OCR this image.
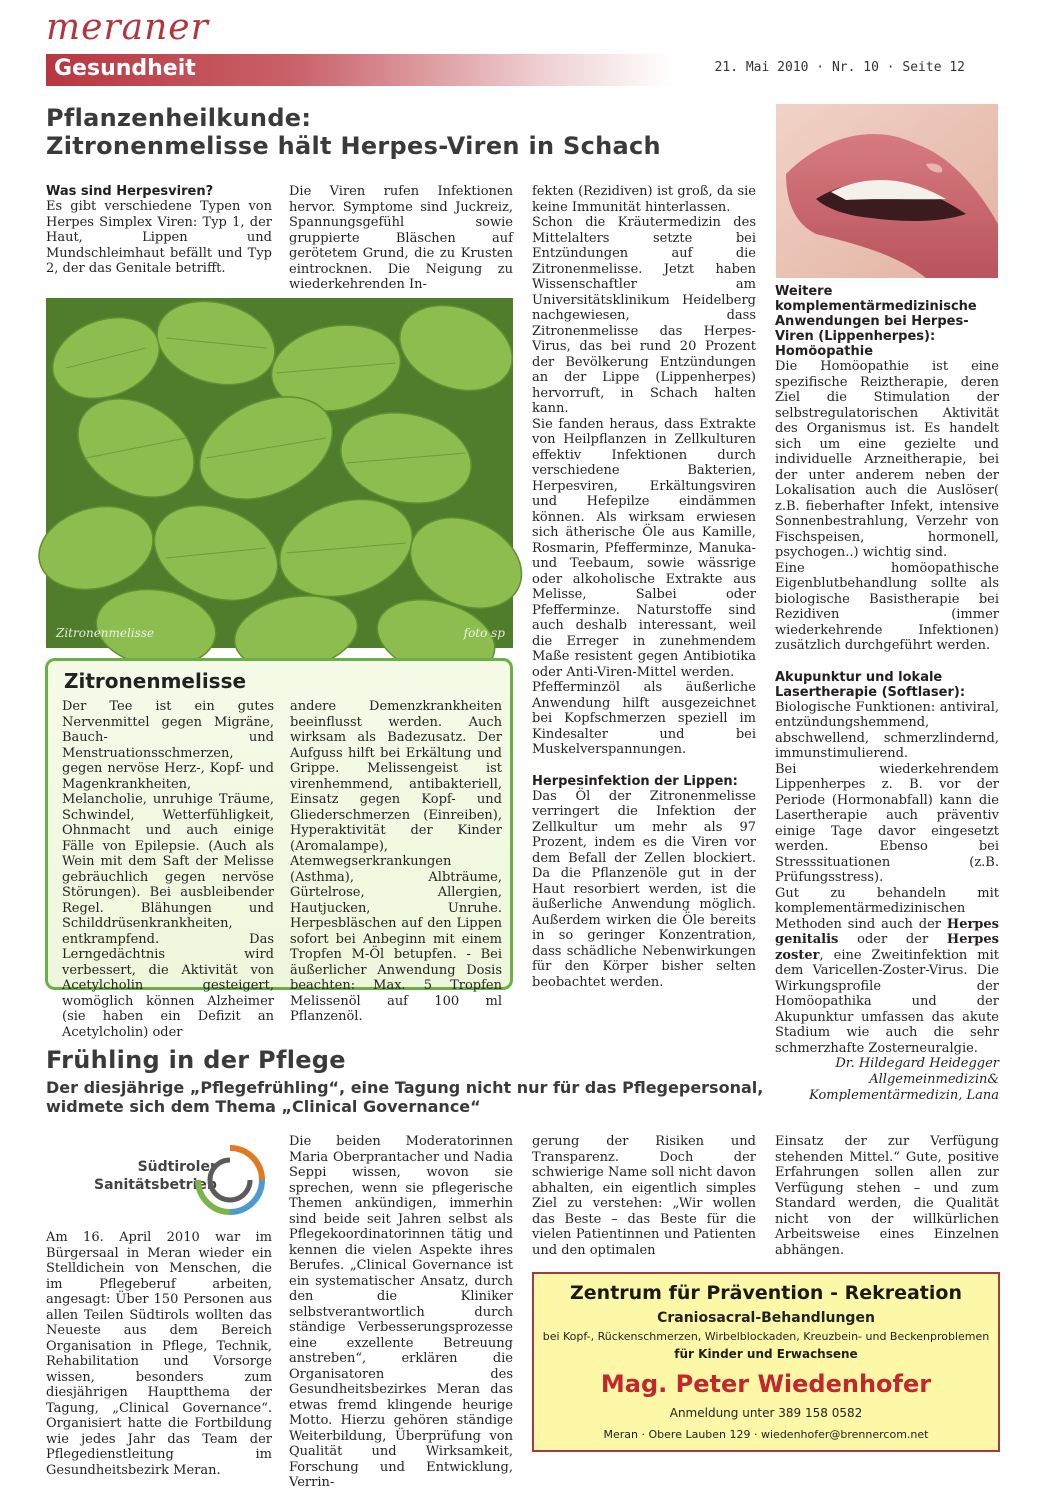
meraner
Gesundheit	21. Mai 2010 · Nr. 10 · Seite 12
Pflanzenheilkunde:
Zitronenmelisse hält Herpes-Viren in Schach

Was sind Herpesviren?

Es gibt verschiedene Typen von Herpes Simplex Viren: Typ 1, der Haut, Lippen und Mundschleimhaut befällt und Typ 2, der das Genitale betrifft.

Die Viren rufen Infektionen hervor. Symptome sind Juckreiz, Spannungsgefühl sowie gruppierte Bläschen auf gerötetem Grund, die zu Krusten eintrocknen. Die Neigung zu wiederkehrenden In-

Zitronenmelisse	foto sp
Zitronenmelisse

Der Tee ist ein gutes Nervenmittel gegen Migräne, Bauch- und Menstruationsschmerzen, gegen nervöse Herz-, Kopf- und Magenkrankheiten, Melancholie, unruhige Träume, Schwindel, Wetterfühligkeit, Ohnmacht und auch einige Fälle von Epilepsie. (Auch als Wein mit dem Saft der Melisse gebräuchlich gegen nervöse Störungen). Bei ausbleibender Regel. Blähungen und Schilddrüsenkrankheiten, entkrampfend. Das Lerngedächtnis wird verbessert, die Aktivität von Acetylcholin gesteigert, womöglich können Alzheimer (sie haben ein Defizit an Acetylcholin) oder

andere Demenzkrankheiten beeinflusst werden. Auch wirksam als Badezusatz. Der Aufguss hilft bei Erkältung und Grippe. Melissengeist ist virenhemmend, antibakteriell, Einsatz gegen Kopf- und Gliederschmerzen (Einreiben), Hyperaktivität der Kinder (Aromalampe), Atemwegserkrankungen (Asthma), Albträume, Gürtelrose, Allergien, Hautjucken, Unruhe. Herpesbläschen auf den Lippen sofort bei Anbeginn mit einem Tropfen M-Öl betupfen. - Bei äußerlicher Anwendung Dosis beachten: Max. 5 Tropfen Melissenöl auf 100 ml Pflanzenöl.

fekten (Rezidiven) ist groß, da sie keine Immunität hinterlassen.

Schon die Kräutermedizin des Mittelalters setzte bei Entzündungen auf die Zitronenmelisse. Jetzt haben Wissenschaftler am Universitätsklinikum Heidelberg nachgewiesen, dass Zitronenmelisse das Herpes-Virus, das bei rund 20 Prozent der Bevölkerung Entzündungen an der Lippe (Lippenherpes) hervorruft, in Schach halten kann.

Sie fanden heraus, dass Extrakte von Heilpflanzen in Zellkulturen effektiv Infektionen durch verschiedene Bakterien, Herpesviren, Erkältungsviren und Hefepilze eindämmen können. Als wirksam erwiesen sich ätherische Öle aus Kamille, Rosmarin, Pfefferminze, Manuka- und Teebaum, sowie wässrige oder alkoholische Extrakte aus Melisse, Salbei oder Pfefferminze. Naturstoffe sind auch deshalb interessant, weil die Erreger in zunehmendem Maße resistent gegen Antibiotika oder Anti-Viren-Mittel werden.

Pfefferminzöl als äußerliche Anwendung hilft ausgezeichnet bei Kopfschmerzen speziell im Kindesalter und bei Muskelverspannungen.

Herpesinfektion der Lippen:

Das Öl der Zitronenmelisse verringert die Infektion der Zellkultur um mehr als 97 Prozent, indem es die Viren vor dem Befall der Zellen blockiert. Da die Pflanzenöle gut in der Haut resorbiert werden, ist die äußerliche Anwendung möglich. Außerdem wirken die Öle bereits in so geringer Konzentration, dass schädliche Nebenwirkungen für den Körper bisher selten beobachtet werden.

Weitere komplementärmedizinische Anwendungen bei Herpes-Viren (Lippenherpes):

Homöopathie

Die Homöopathie ist eine spezifische Reiztherapie, deren Ziel die Stimulation der selbstregulatorischen Aktivität des Organismus ist. Es handelt sich um eine gezielte und individuelle Arzneitherapie, bei der unter anderem neben der Lokalisation auch die Auslöser( z.B. fieberhafter Infekt, intensive Sonnenbestrahlung, Verzehr von Fischspeisen, hormonell, psychogen..) wichtig sind.

Eine homöopathische Eigenblutbehandlung sollte als biologische Basistherapie bei Rezidiven (immer wiederkehrende Infektionen) zusätzlich durchgeführt werden.

Akupunktur und lokale Lasertherapie (Softlaser):

Biologische Funktionen: antiviral, entzündungshemmend, abschwellend, schmerzlindernd, immunstimulierend.

Bei wiederkehrendem Lippenherpes z. B. vor der Periode (Hormonabfall) kann die Lasertherapie auch präventiv einige Tage davor eingesetzt werden. Ebenso bei Stresssituationen (z.B. Prüfungsstress).

Gut zu behandeln mit komplementärmedizinischen Methoden sind auch der Herpes genitalis oder der Herpes zoster, eine Zweitinfektion mit dem Varicellen-Zoster-Virus. Die Wirkungsprofile der Homöopathika und der Akupunktur umfassen das akute Stadium wie auch die sehr schmerzhafte Zosterneuralgie.

Dr. Hildegard Heidegger

Allgemeinmedizin& Komplementärmedizin, Lana

Frühling in der Pflege
Der diesjährige „Pflegefrühling“, eine Tagung nicht nur für das Pflegepersonal,
widmete sich dem Thema „Clinical Governance“
Südtiroler
Sanitätsbetrieb

Am 16. April 2010 war im Bürgersaal in Meran wieder ein Stelldichein von Menschen, die im Pflegeberuf arbeiten, angesagt: Über 150 Personen aus allen Teilen Südtirols wollten das Neueste aus dem Bereich Organisation in Pflege, Technik, Rehabilitation und Vorsorge wissen, besonders zum diesjährigen Hauptthema der Tagung, „Clinical Governance“. Organisiert hatte die Fortbildung wie jedes Jahr das Team der Pflegedienstleitung im Gesundheitsbezirk Meran.

Die beiden Moderatorinnen Maria Oberprantacher und Nadia Seppi wissen, wovon sie sprechen, wenn sie pflegerische Themen ankündigen, immerhin sind beide seit Jahren selbst als Pflegekoordinatorinnen tätig und kennen die vielen Aspekte ihres Berufes. „Clinical Governance ist ein systematischer Ansatz, durch den die Kliniker selbstverantwortlich durch ständige Verbesserungsprozesse eine exzellente Betreuung anstreben“, erklären die Organisatoren des Gesundheitsbezirkes Meran das etwas fremd klingende heurige Motto. Hierzu gehören ständige Weiterbildung, Überprüfung von Qualität und Wirksamkeit, Forschung und Entwicklung, Verrin-

gerung der Risiken und Transparenz. Doch der schwierige Name soll nicht davon abhalten, ein eigentlich simples Ziel zu verstehen: „Wir wollen das Beste – das Beste für die vielen Patientinnen und Patienten und den optimalen

Einsatz der zur Verfügung stehenden Mittel.“ Gute, positive Erfahrungen sollen allen zur Verfügung stehen – und zum Standard werden, die Qualität nicht von der willkürlichen Arbeitsweise eines Einzelnen abhängen.

Zentrum für Prävention - Rekreation
Craniosacral-Behandlungen
bei Kopf-, Rückenschmerzen, Wirbelblockaden, Kreuzbein- und Beckenproblemen
für Kinder und Erwachsene
Mag. Peter Wiedenhofer
Anmeldung unter 389 158 0582
Meran · Obere Lauben 129 · wiedenhofer@brennercom.net
